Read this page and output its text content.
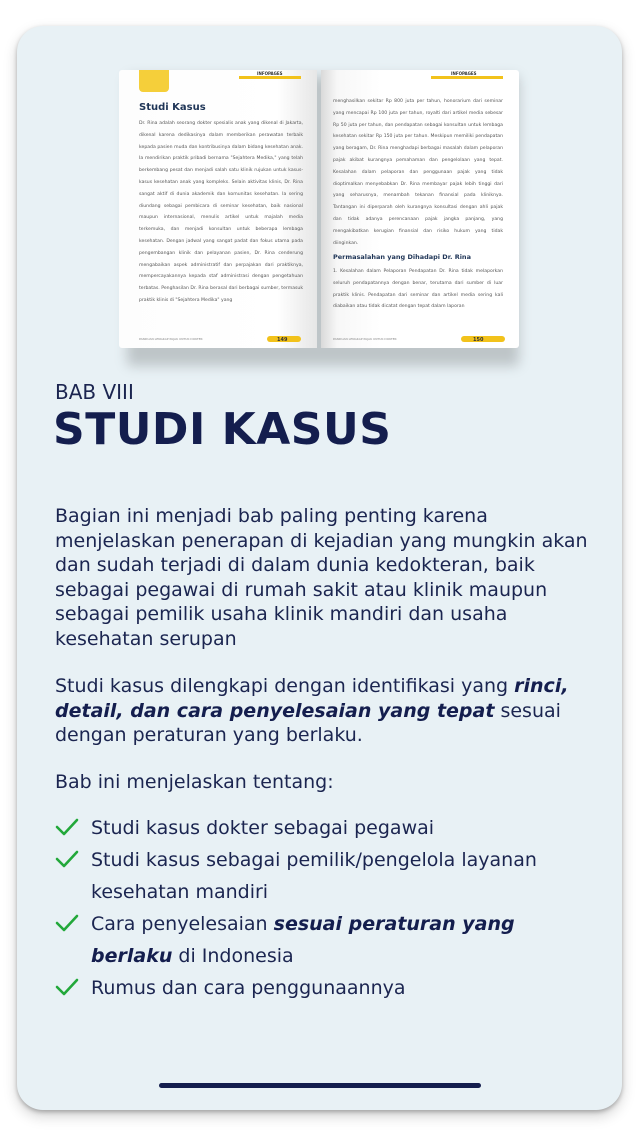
INFOPAGES
Studi Kasus
Dr. Rina adalah seorang dokter spesialis anak yang dikenal di Jakarta, dikenal karena dedikasinya dalam memberikan perawatan terbaik kepada pasien muda dan kontribusinya dalam bidang kesehatan anak. Ia mendirikan praktik pribadi bernama "Sejahtera Medika," yang telah berkembang pesat dan menjadi salah satu klinik rujukan untuk kasus-kasus kesehatan anak yang kompleks. Selain aktivitas klinis, Dr. Rina sangat aktif di dunia akademik dan komunitas kesehatan. Ia sering diundang sebagai pembicara di seminar kesehatan, baik nasional maupun internasional, menulis artikel untuk majalah media terkemuka, dan menjadi konsultan untuk beberapa lembaga kesehatan. Dengan jadwal yang sangat padat dan fokus utama pada pengembangan klinik dan pelayanan pasien, Dr. Rina cenderung mengabaikan aspek administratif dan perpajakan dari praktiknya, mempercayakannya kepada staf administrasi dengan pengetahuan terbatas. Penghasilan Dr. Rina berasal dari berbagai sumber, termasuk praktik klinis di "Sejahtera Medika" yang
PANDUAN LENGKAP PAJAK UNTUK DOKTER	149
INFOPAGES
menghasilkan sekitar Rp 800 juta per tahun, honorarium dari seminar yang mencapai Rp 100 juta per tahun, royalti dari artikel media sebesar Rp 50 juta per tahun, dan pendapatan sebagai konsultan untuk lembaga kesehatan sekitar Rp 150 juta per tahun. Meskipun memiliki pendapatan yang beragam, Dr. Rina menghadapi berbagai masalah dalam pelaporan pajak akibat kurangnya pemahaman dan pengelolaan yang tepat. Kesalahan dalam pelaporan dan penggunaan pajak yang tidak dioptimalkan menyebabkan Dr. Rina membayar pajak lebih tinggi dari yang seharusnya, menambah tekanan finansial pada kliniknya. Tantangan ini diperparah oleh kurangnya konsultasi dengan ahli pajak dan tidak adanya perencanaan pajak jangka panjang, yang mengakibatkan kerugian finansial dan risiko hukum yang tidak diinginkan.
Permasalahan yang Dihadapi Dr. Rina
1. Kesalahan dalam Pelaporan Pendapatan Dr. Rina tidak melaporkan seluruh pendapatannya dengan benar, terutama dari sumber di luar praktik klinis. Pendapatan dari seminar dan artikel media sering kali diabaikan atau tidak dicatat dengan tepat dalam laporan
PANDUAN LENGKAP PAJAK UNTUK DOKTER	150
BAB VIII
STUDI KASUS
Bagian ini menjadi bab paling penting karena menjelaskan penerapan di kejadian yang mungkin akan dan sudah terjadi di dalam dunia kedokteran, baik sebagai pegawai di rumah sakit atau klinik maupun sebagai pemilik usaha klinik mandiri dan usaha kesehatan serupan
Studi kasus dilengkapi dengan identifikasi yang rinci, detail, dan cara penyelesaian yang tepat sesuai dengan peraturan yang berlaku.
Bab ini menjelaskan tentang:
Studi kasus dokter sebagai pegawai
Studi kasus sebagai pemilik/pengelola layanan kesehatan mandiri
Cara penyelesaian sesuai peraturan yang berlaku di Indonesia
Rumus dan cara penggunaannya
